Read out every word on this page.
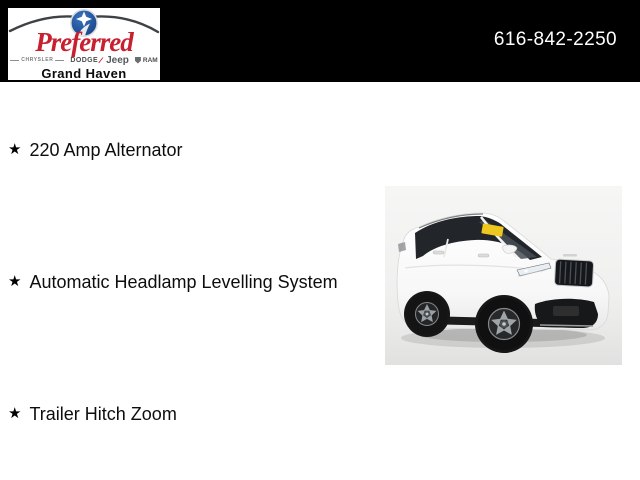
Preferred
CHRYSLER DODGE Jeep RAM
Grand Haven
616-842-2250
★ 220 Amp Alternator
★ Automatic Headlamp Levelling System
★ Trailer Hitch Zoom
